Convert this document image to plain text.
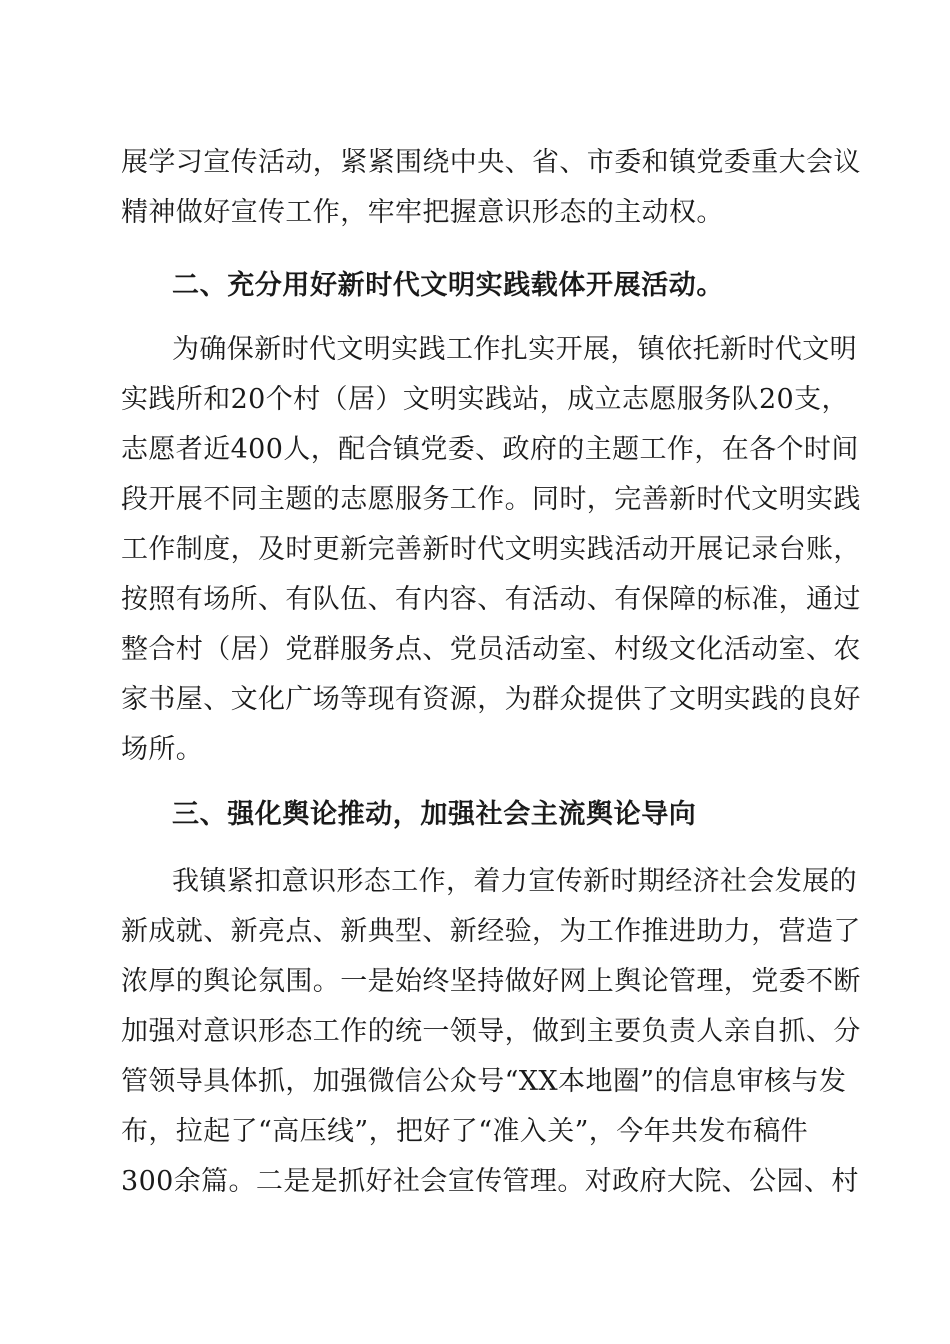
展学习宣传活动，紧紧围绕中央、省、市委和镇党委重大会议
精神做好宣传工作，牢牢把握意识形态的主动权。
二、充分用好新时代文明实践载体开展活动。
为确保新时代文明实践工作扎实开展，镇依托新时代文明
实践所和20个村（居）文明实践站，成立志愿服务队20支，
志愿者近400人，配合镇党委、政府的主题工作，在各个时间
段开展不同主题的志愿服务工作。同时，完善新时代文明实践
工作制度，及时更新完善新时代文明实践活动开展记录台账，
按照有场所、有队伍、有内容、有活动、有保障的标准，通过
整合村（居）党群服务点、党员活动室、村级文化活动室、农
家书屋、文化广场等现有资源，为群众提供了文明实践的良好
场所。
三、强化舆论推动，加强社会主流舆论导向
我镇紧扣意识形态工作，着力宣传新时期经济社会发展的
新成就、新亮点、新典型、新经验，为工作推进助力，营造了
浓厚的舆论氛围。一是始终坚持做好网上舆论管理，党委不断
加强对意识形态工作的统一领导，做到主要负责人亲自抓、分
管领导具体抓，加强微信公众号“XX本地圈”的信息审核与发
布，拉起了“高压线”，把好了“准入关”，今年共发布稿件
300余篇。二是是抓好社会宣传管理。对政府大院、公园、村
